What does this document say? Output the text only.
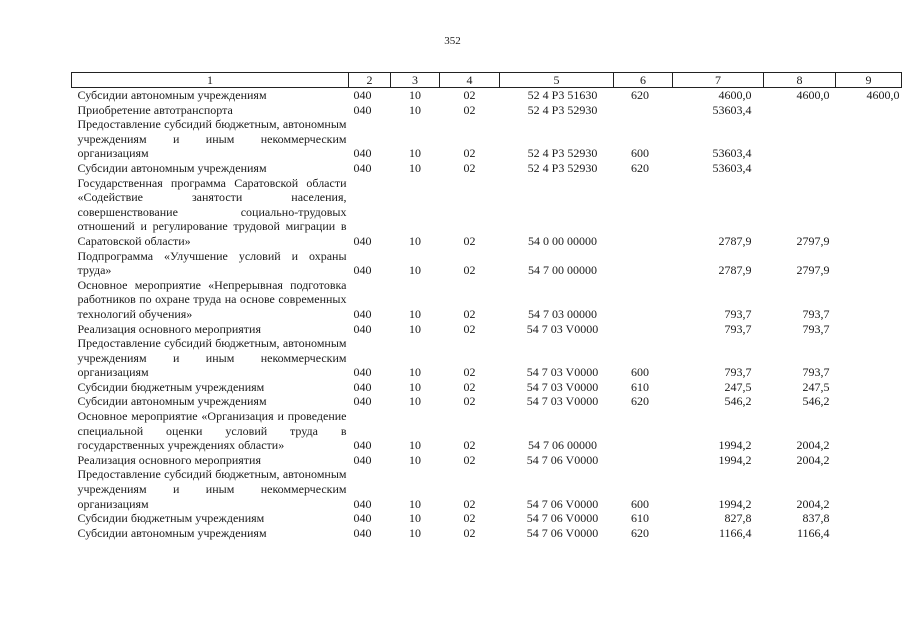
352
1	2	3	4	5	6	7	8	9
Субсидии автономным учреждениям	040	10	02	52 4 Р3 51630	620	4600,0	4600,0	4600,0
Приобретение автотранспорта	040	10	02	52 4 Р3 52930		53603,4		
Предоставление субсидий бюджетным, автономным учреждениям и иным некоммерческим организациям	040	10	02	52 4 Р3 52930	600	53603,4		
Субсидии автономным учреждениям	040	10	02	52 4 Р3 52930	620	53603,4		
Государственная программа Саратовской области «Содействие занятости населения, совершенствование социально-трудовых отношений и регулирование трудовой миграции в Саратовской области»	040	10	02	54 0 00 00000		2787,9	2797,9	
Подпрограмма «Улучшение условий и охраны труда»	040	10	02	54 7 00 00000		2787,9	2797,9	
Основное мероприятие «Непрерывная подготовка работников по охране труда на основе современных технологий обучения»	040	10	02	54 7 03 00000		793,7	793,7	
Реализация основного мероприятия	040	10	02	54 7 03 V0000		793,7	793,7	
Предоставление субсидий бюджетным, автономным учреждениям и иным некоммерческим организациям	040	10	02	54 7 03 V0000	600	793,7	793,7	
Субсидии бюджетным учреждениям	040	10	02	54 7 03 V0000	610	247,5	247,5	
Субсидии автономным учреждениям	040	10	02	54 7 03 V0000	620	546,2	546,2	
Основное мероприятие «Организация и проведение специальной оценки условий труда в государственных учреждениях области»	040	10	02	54 7 06 00000		1994,2	2004,2	
Реализация основного мероприятия	040	10	02	54 7 06 V0000		1994,2	2004,2	
Предоставление субсидий бюджетным, автономным учреждениям и иным некоммерческим организациям	040	10	02	54 7 06 V0000	600	1994,2	2004,2	
Субсидии бюджетным учреждениям	040	10	02	54 7 06 V0000	610	827,8	837,8	
Субсидии автономным учреждениям	040	10	02	54 7 06 V0000	620	1166,4	1166,4	
